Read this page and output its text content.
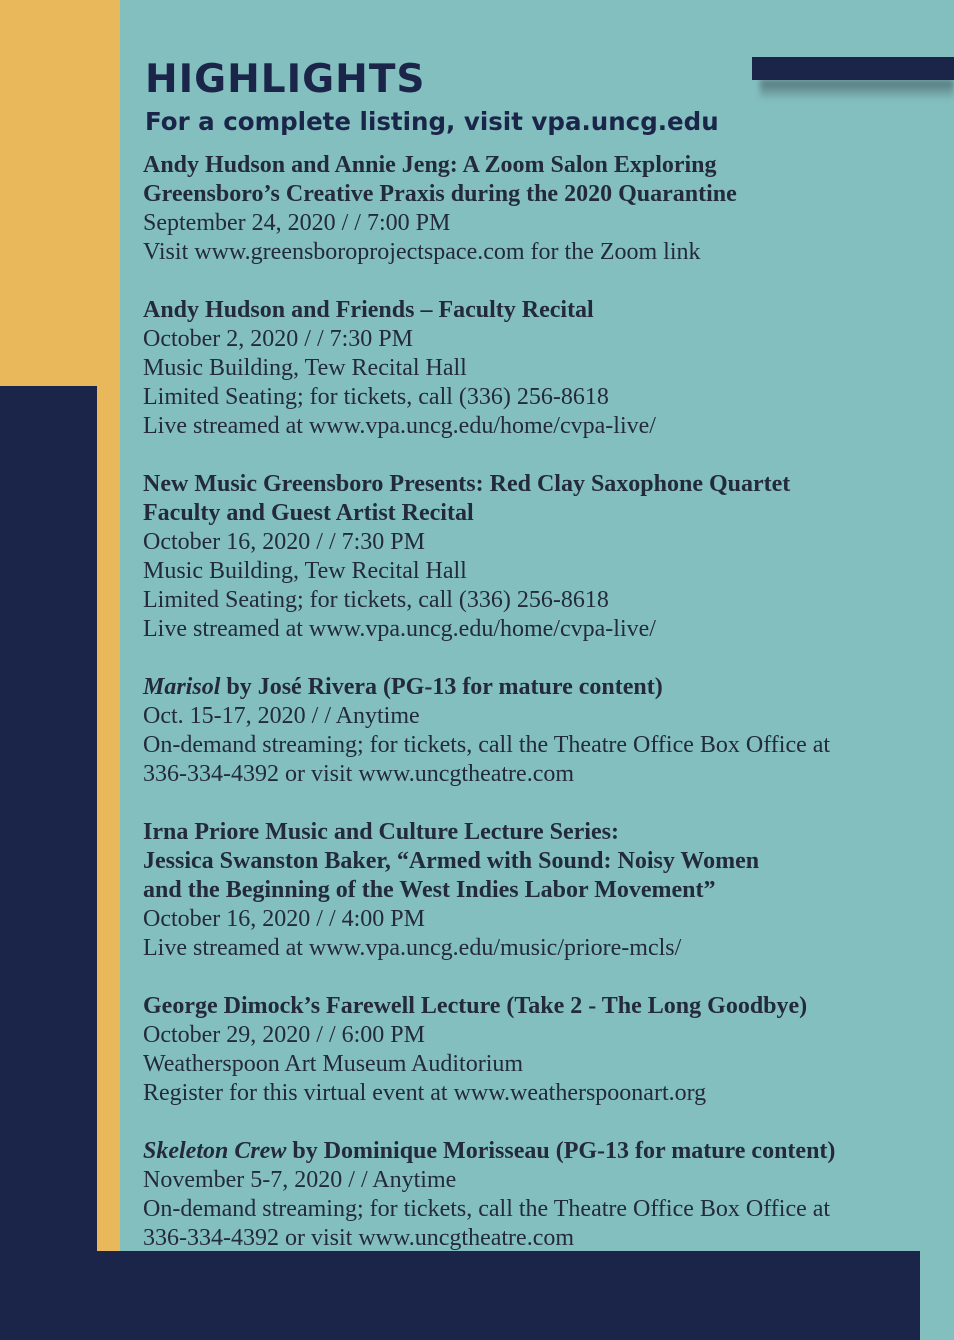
HIGHLIGHTS
For a complete listing, visit vpa.uncg.edu
Andy Hudson and Annie Jeng: A Zoom Salon Exploring
Greensboro’s Creative Praxis during the 2020 Quarantine
September 24, 2020 / / 7:00 PM
Visit www.greensboroprojectspace.com for the Zoom link
Andy Hudson and Friends – Faculty Recital
October 2, 2020 / / 7:30 PM
Music Building, Tew Recital Hall
Limited Seating; for tickets, call (336) 256-8618
Live streamed at www.vpa.uncg.edu/home/cvpa-live/
New Music Greensboro Presents: Red Clay Saxophone Quartet
Faculty and Guest Artist Recital
October 16, 2020 / / 7:30 PM
Music Building, Tew Recital Hall
Limited Seating; for tickets, call (336) 256-8618
Live streamed at www.vpa.uncg.edu/home/cvpa-live/
Marisol by José Rivera (PG-13 for mature content)
Oct. 15-17, 2020 / / Anytime
On-demand streaming; for tickets, call the Theatre Office Box Office at
336-334-4392 or visit www.uncgtheatre.com
Irna Priore Music and Culture Lecture Series:
Jessica Swanston Baker, “Armed with Sound: Noisy Women
and the Beginning of the West Indies Labor Movement”
October 16, 2020 / / 4:00 PM
Live streamed at www.vpa.uncg.edu/music/priore-mcls/
George Dimock’s Farewell Lecture (Take 2 - The Long Goodbye)
October 29, 2020 / / 6:00 PM
Weatherspoon Art Museum Auditorium
Register for this virtual event at www.weatherspoonart.org
Skeleton Crew by Dominique Morisseau (PG-13 for mature content)
November 5-7, 2020 / / Anytime
On-demand streaming; for tickets, call the Theatre Office Box Office at
336-334-4392 or visit www.uncgtheatre.com
